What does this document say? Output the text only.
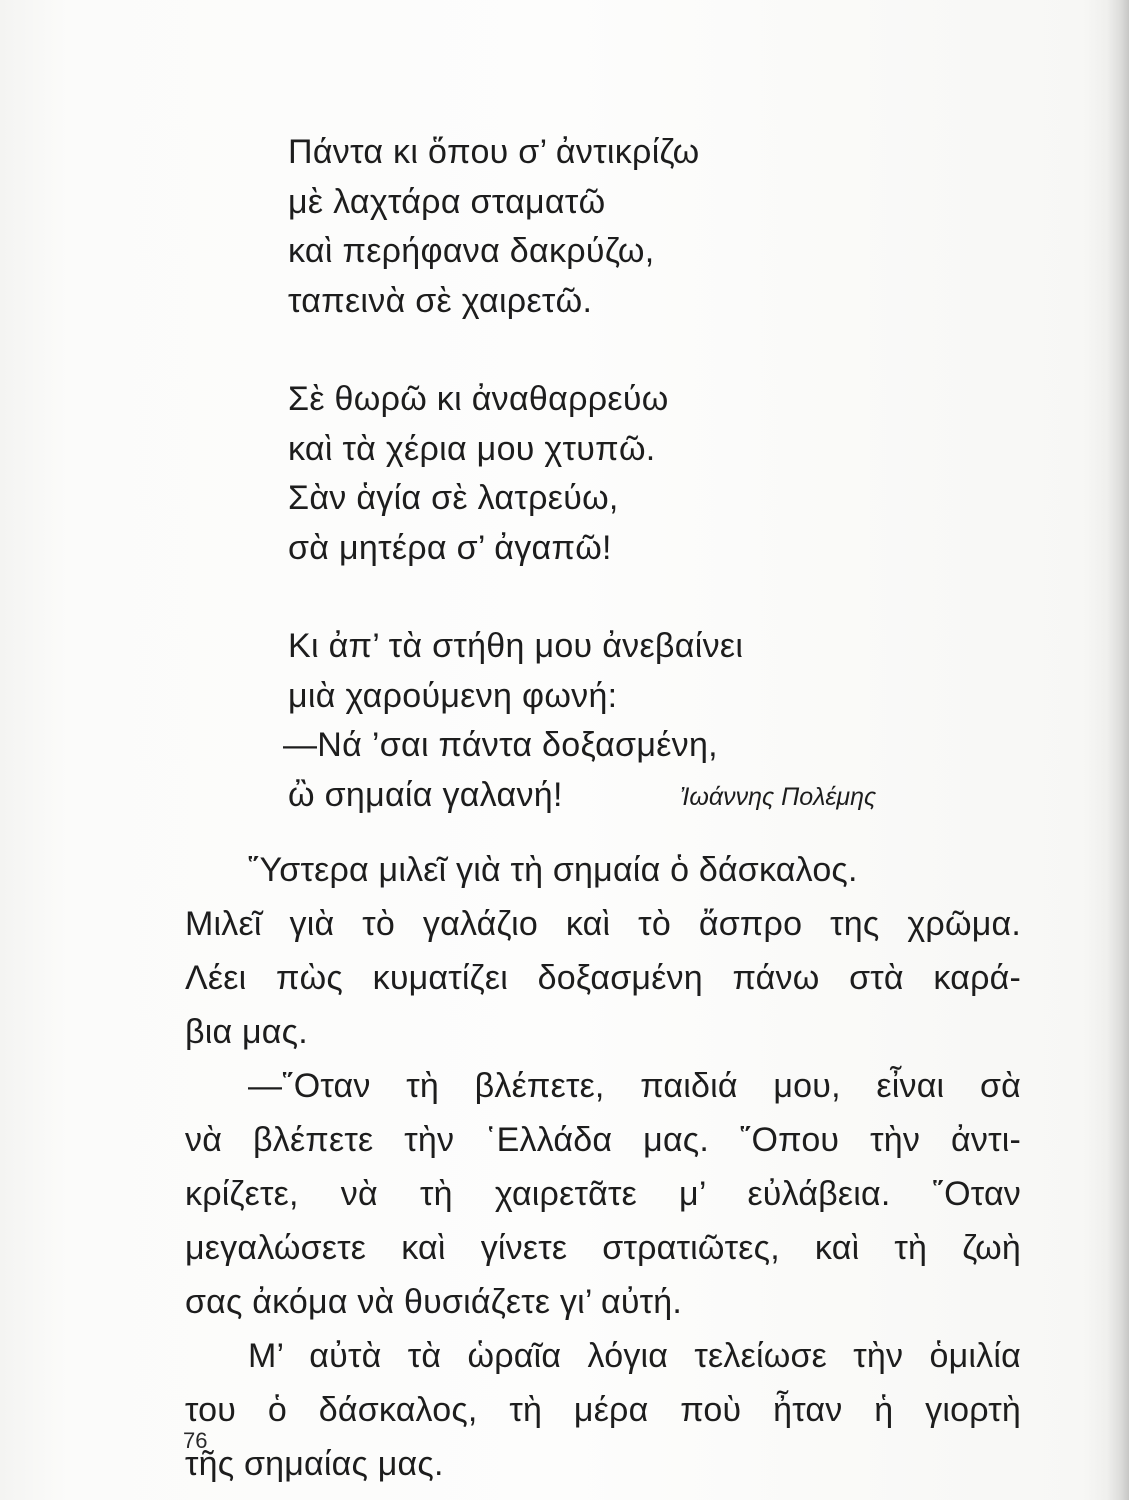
Πάντα κι ὅπου σ’ ἀντικρίζω
μὲ λαχτάρα σταματῶ
καὶ περήφανα δακρύζω,
ταπεινὰ σὲ χαιρετῶ.
Σὲ θωρῶ κι ἀναθαρρεύω
καὶ τὰ χέρια μου χτυπῶ.
Σὰν ἁγία σὲ λατρεύω,
σὰ μητέρα σ’ ἀγαπῶ!
Κι ἀπ’ τὰ στήθη μου ἀνεβαίνει
μιὰ χαρούμενη φωνή:
—Νά ’σαι πάντα δοξασμένη,
ὢ σημαία γαλανή!	Ἰωάννης Πολέμης
῞Υστερα μιλεῖ γιὰ τὴ σημαία ὁ δάσκαλος.
Μιλεῖ γιὰ τὸ γαλάζιο καὶ τὸ ἄσπρο της χρῶμα.
Λέει πὼς κυματίζει δοξασμένη πάνω στὰ καρά-
βια μας.
—῞Οταν τὴ βλέπετε, παιδιά μου, εἶναι σὰ
νὰ βλέπετε τὴν ῾Ελλάδα μας. ῞Οπου τὴν ἀντι-
κρίζετε, νὰ τὴ χαιρετᾶτε μ’ εὐλάβεια. ῞Οταν
μεγαλώσετε καὶ γίνετε στρατιῶτες, καὶ τὴ ζωὴ
σας ἀκόμα νὰ θυσιάζετε γι’ αὐτή.
Μ’ αὐτὰ τὰ ὡραῖα λόγια τελείωσε τὴν ὁμιλία
του ὁ δάσκαλος, τὴ μέρα ποὺ ἦταν ἡ γιορτὴ
τῆς σημαίας μας.
76
